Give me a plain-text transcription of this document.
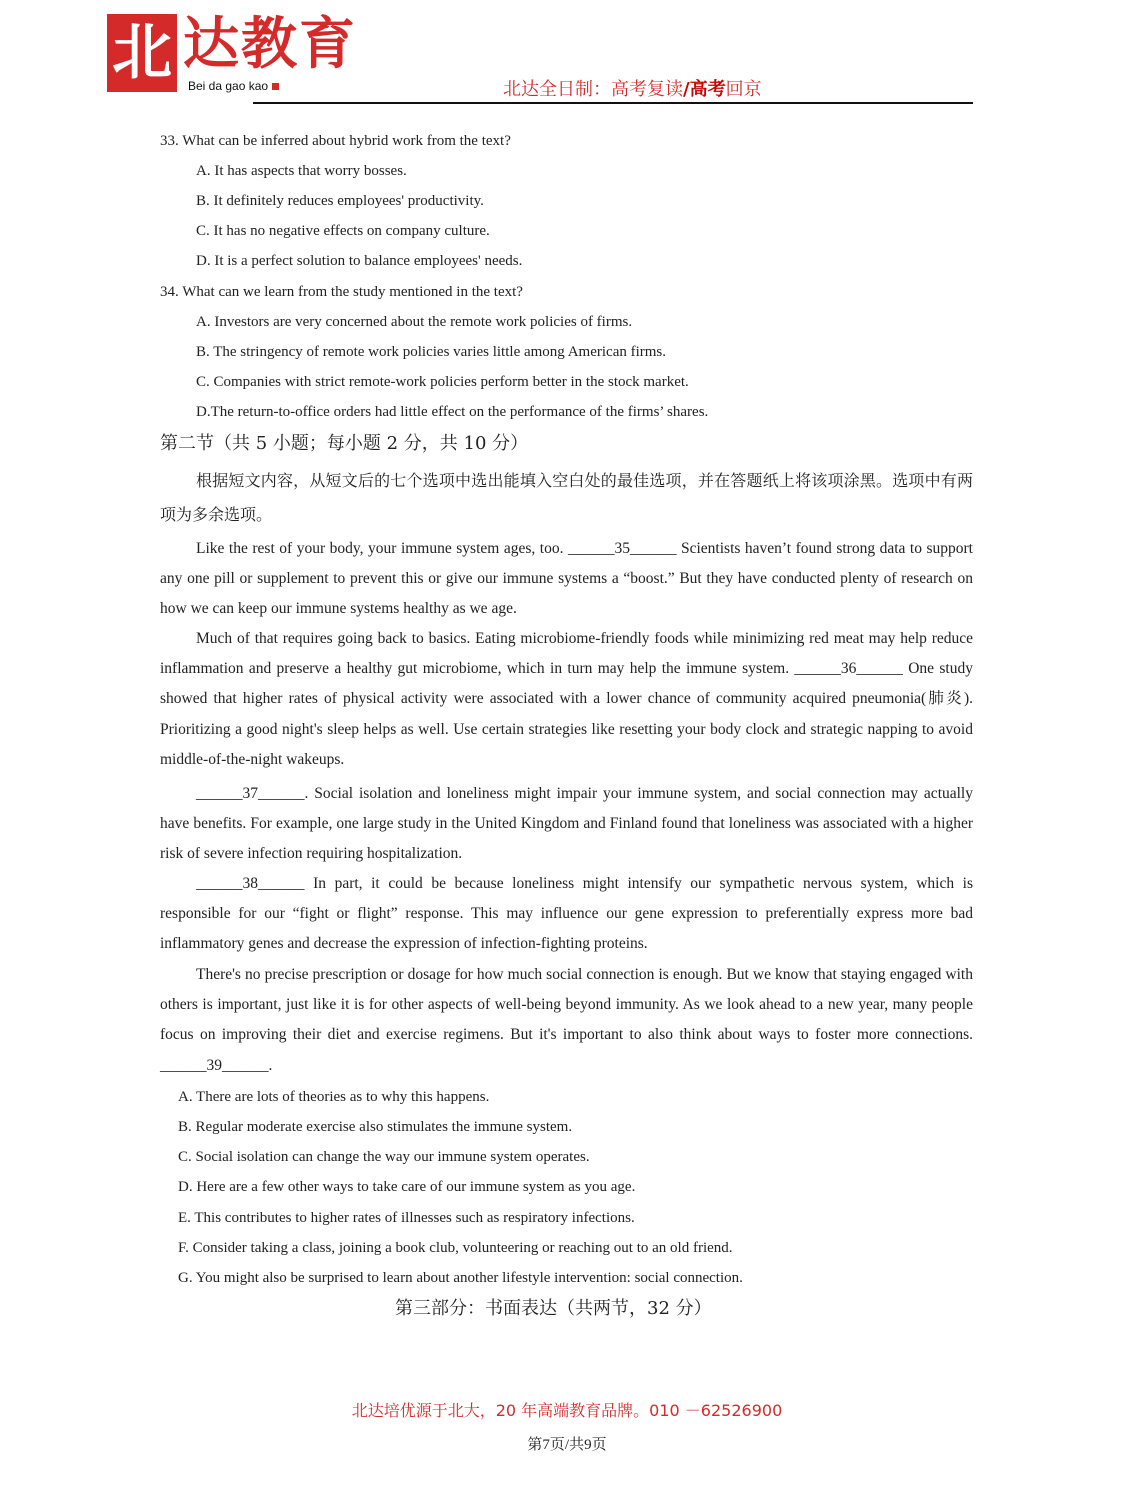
北 达教育
Bei da gao kao	北达全日制：高考复读/高考回京
33. What can be inferred about hybrid work from the text?
A. It has aspects that worry bosses.
B. It definitely reduces employees' productivity.
C. It has no negative effects on company culture.
D. It is a perfect solution to balance employees' needs.
34. What can we learn from the study mentioned in the text?
A. Investors are very concerned about the remote work policies of firms.
B. The stringency of remote work policies varies little among American firms.
C. Companies with strict remote-work policies perform better in the stock market.
D.The return-to-office orders had little effect on the performance of the firms’ shares.
第二节（共 5 小题；每小题 2 分，共 10 分）
根据短文内容，从短文后的七个选项中选出能填入空白处的最佳选项，并在答题纸上将该项涂黑。选项中有两项为多余选项。
Like the rest of your body, your immune system ages, too. ______35______ Scientists haven’t found strong data to support any one pill or supplement to prevent this or give our immune systems a “boost.” But they have conducted plenty of research on how we can keep our immune systems healthy as we age.
Much of that requires going back to basics. Eating microbiome-friendly foods while minimizing red meat may help reduce inflammation and preserve a healthy gut microbiome, which in turn may help the immune system. ______36______ One study showed that higher rates of physical activity were associated with a lower chance of community acquired pneumonia(肺炎). Prioritizing a good night's sleep helps as well. Use certain strategies like resetting your body clock and strategic napping to avoid middle-of-the-night wakeups.
______37______. Social isolation and loneliness might impair your immune system, and social connection may actually have benefits. For example, one large study in the United Kingdom and Finland found that loneliness was associated with a higher risk of severe infection requiring hospitalization.
______38______ In part, it could be because loneliness might intensify our sympathetic nervous system, which is responsible for our “fight or flight” response. This may influence our gene expression to preferentially express more bad inflammatory genes and decrease the expression of infection-fighting proteins.
There's no precise prescription or dosage for how much social connection is enough. But we know that staying engaged with others is important, just like it is for other aspects of well-being beyond immunity. As we look ahead to a new year, many people focus on improving their diet and exercise regimens. But it's important to also think about ways to foster more connections. ______39______.
A. There are lots of theories as to why this happens.
B. Regular moderate exercise also stimulates the immune system.
C. Social isolation can change the way our immune system operates.
D. Here are a few other ways to take care of our immune system as you age.
E. This contributes to higher rates of illnesses such as respiratory infections.
F. Consider taking a class, joining a book club, volunteering or reaching out to an old friend.
G. You might also be surprised to learn about another lifestyle intervention: social connection.
第三部分：书面表达（共两节，32 分）
北达培优源于北大，20 年高端教育品牌。010 －62526900
第7页/共9页
